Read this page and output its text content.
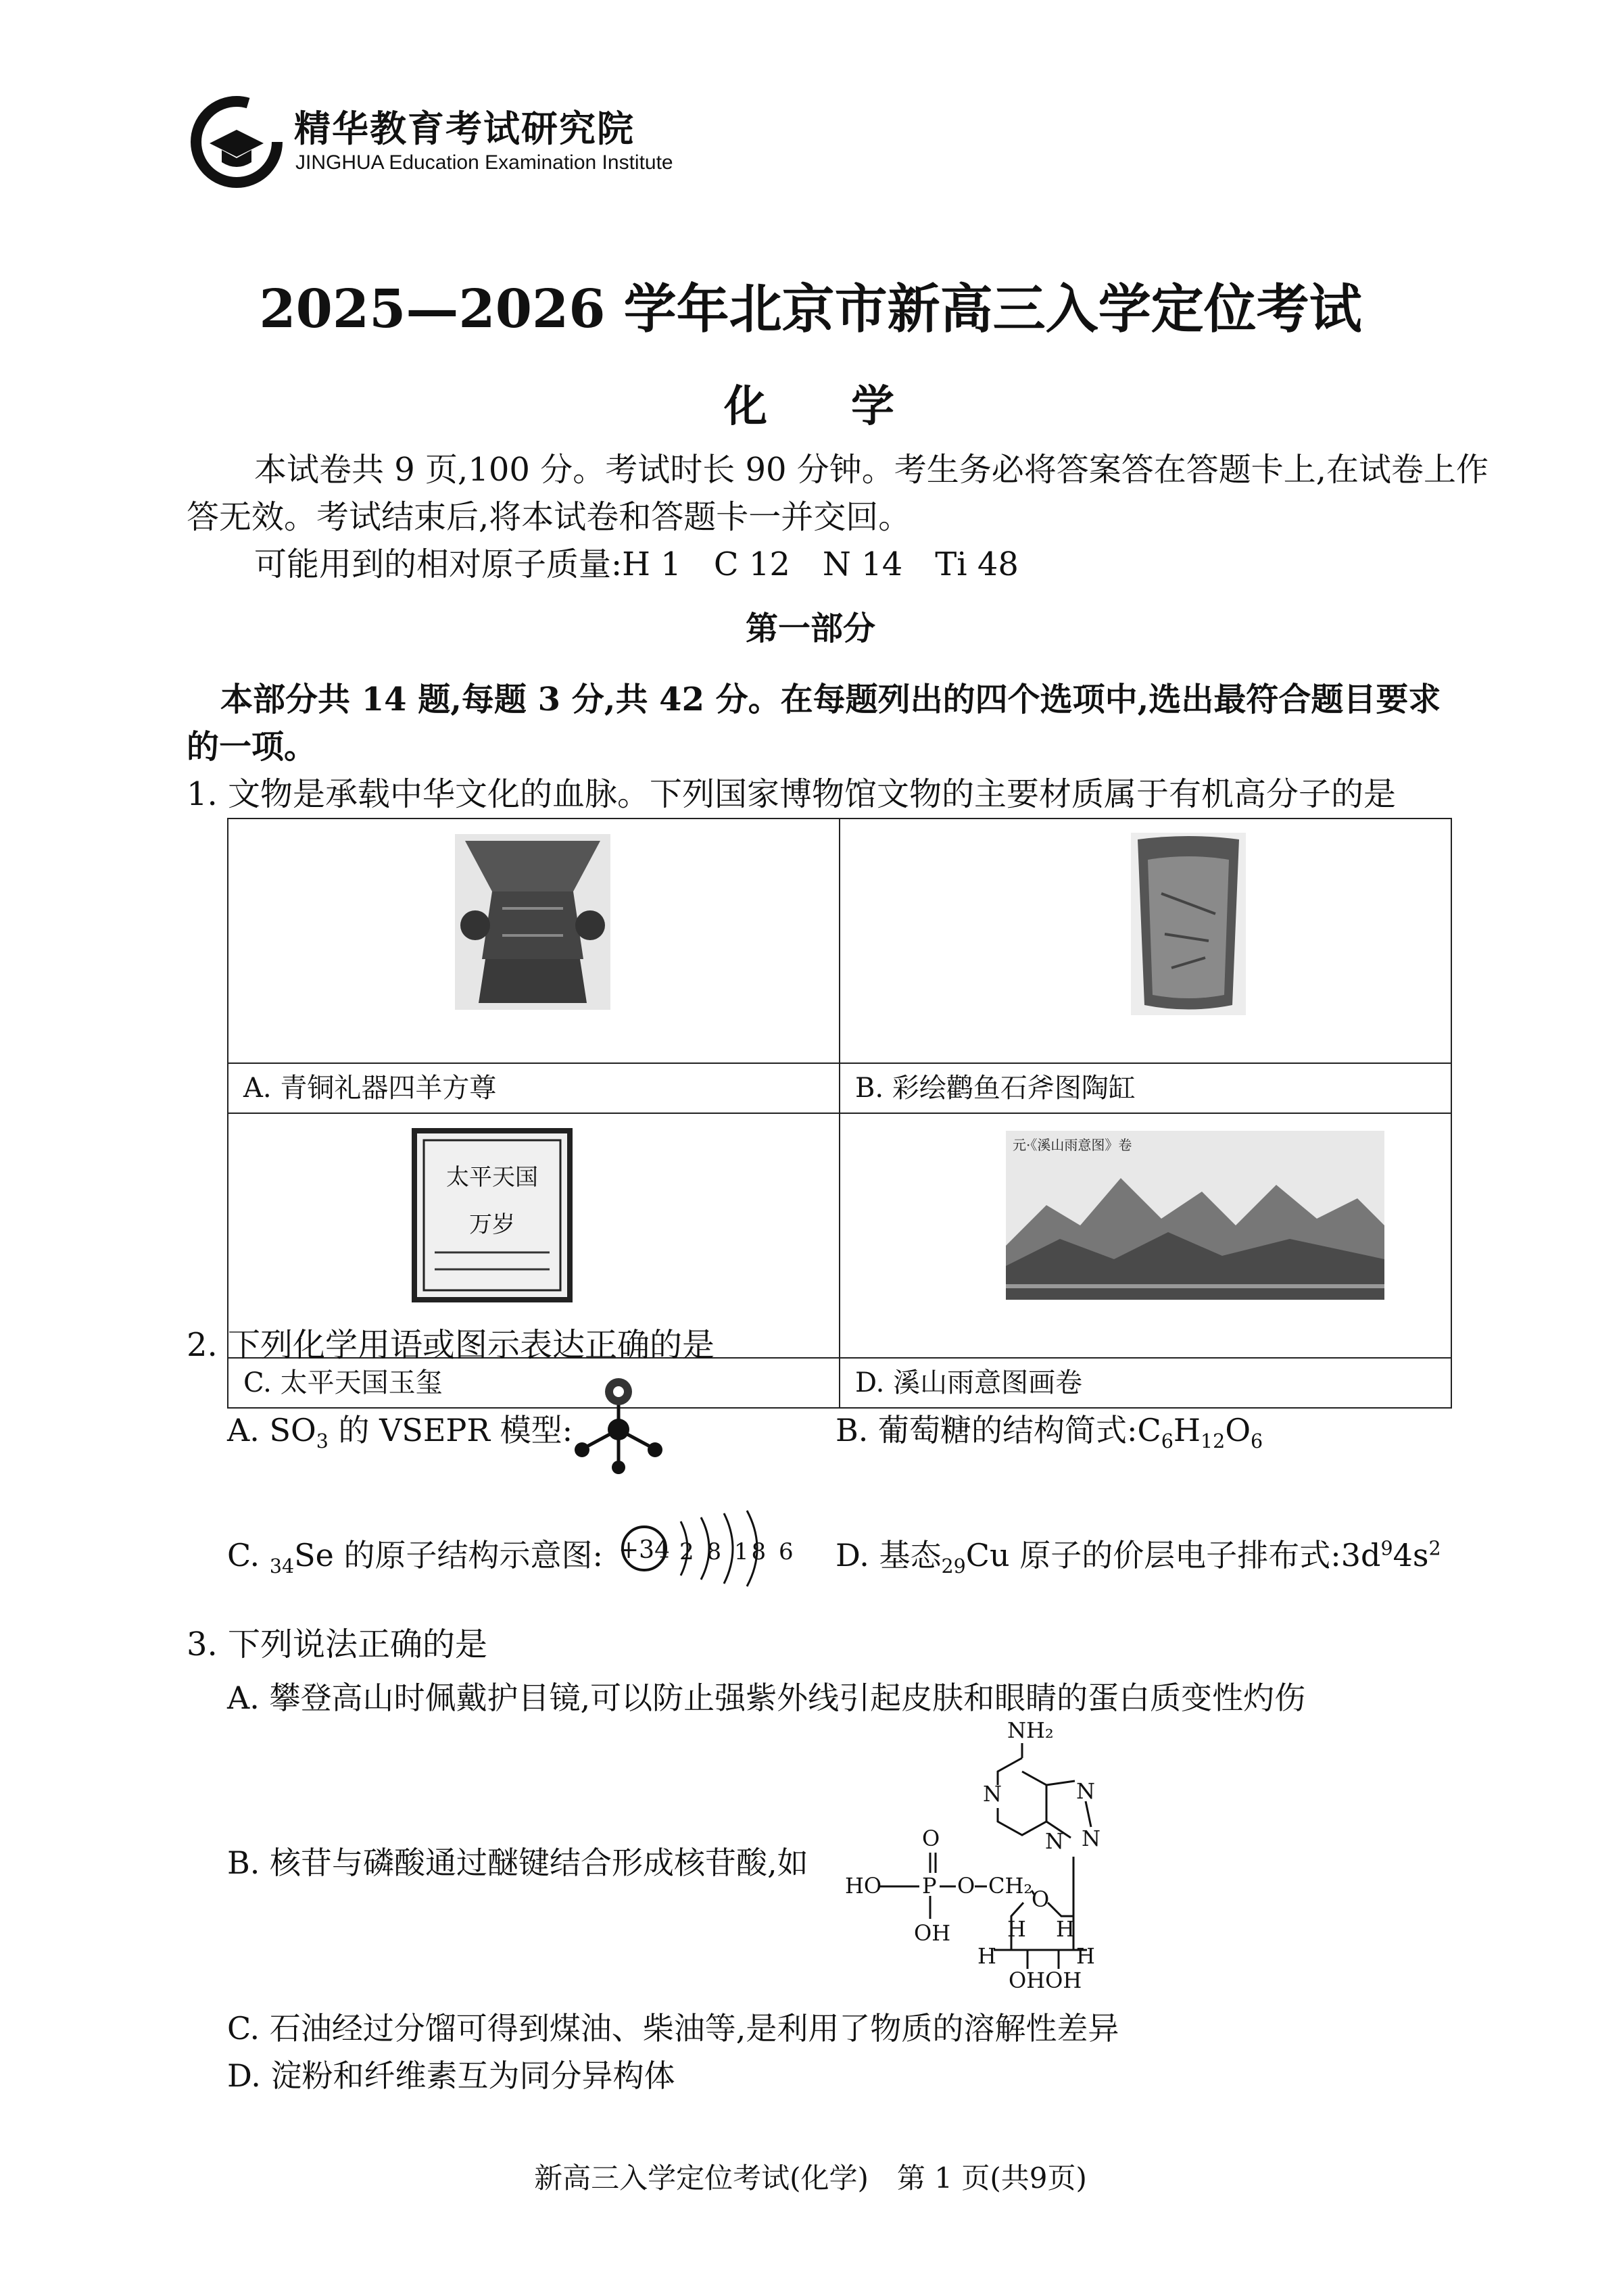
精华教育考试研究院
JINGHUA Education Examination Institute
2025—2026 学年北京市新高三入学定位考试
化 学
本试卷共 9 页,100 分。考试时长 90 分钟。考生务必将答案答在答题卡上,在试卷上作
答无效。考试结束后,将本试卷和答题卡一并交回。
可能用到的相对原子质量:H 1　C 12　N 14　Ti 48
第一部分
本部分共 14 题,每题 3 分,共 42 分。在每题列出的四个选项中,选出最符合题目要求
的一项。
1. 文物是承载中华文化的血脉。下列国家博物馆文物的主要材质属于有机高分子的是

A. 青铜礼器四羊方尊	B. 彩绘鹳鱼石斧图陶缸

太平天国
万岁	元·《溪山雨意图》卷

C. 太平天国玉玺	D. 溪山雨意图画卷
2. 下列化学用语或图示表达正确的是
A. $SO_3$ 的 VSEPR 模型:	B. 葡萄糖的结构简式$:C_6H_{12}O_6$
C. $_{34}$Se 的原子结构示意图: +34 2 8 18 6 D. 基态$_{29}$Cu 原子的价层电子排布式$:3d^94s^2$
3. 下列说法正确的是
A. 攀登高山时佩戴护目镜,可以防止强紫外线引起皮肤和眼睛的蛋白质变性灼伤
B. 核苷与磷酸通过醚键结合形成核苷酸,如
NH₂
N
N
N
N
O
HO P O CH₂
OH
O
H H
H	H
OHOH
C. 石油经过分馏可得到煤油、柴油等,是利用了物质的溶解性差异
D. 淀粉和纤维素互为同分异构体
新高三入学定位考试(化学)　第 1 页(共9页)
